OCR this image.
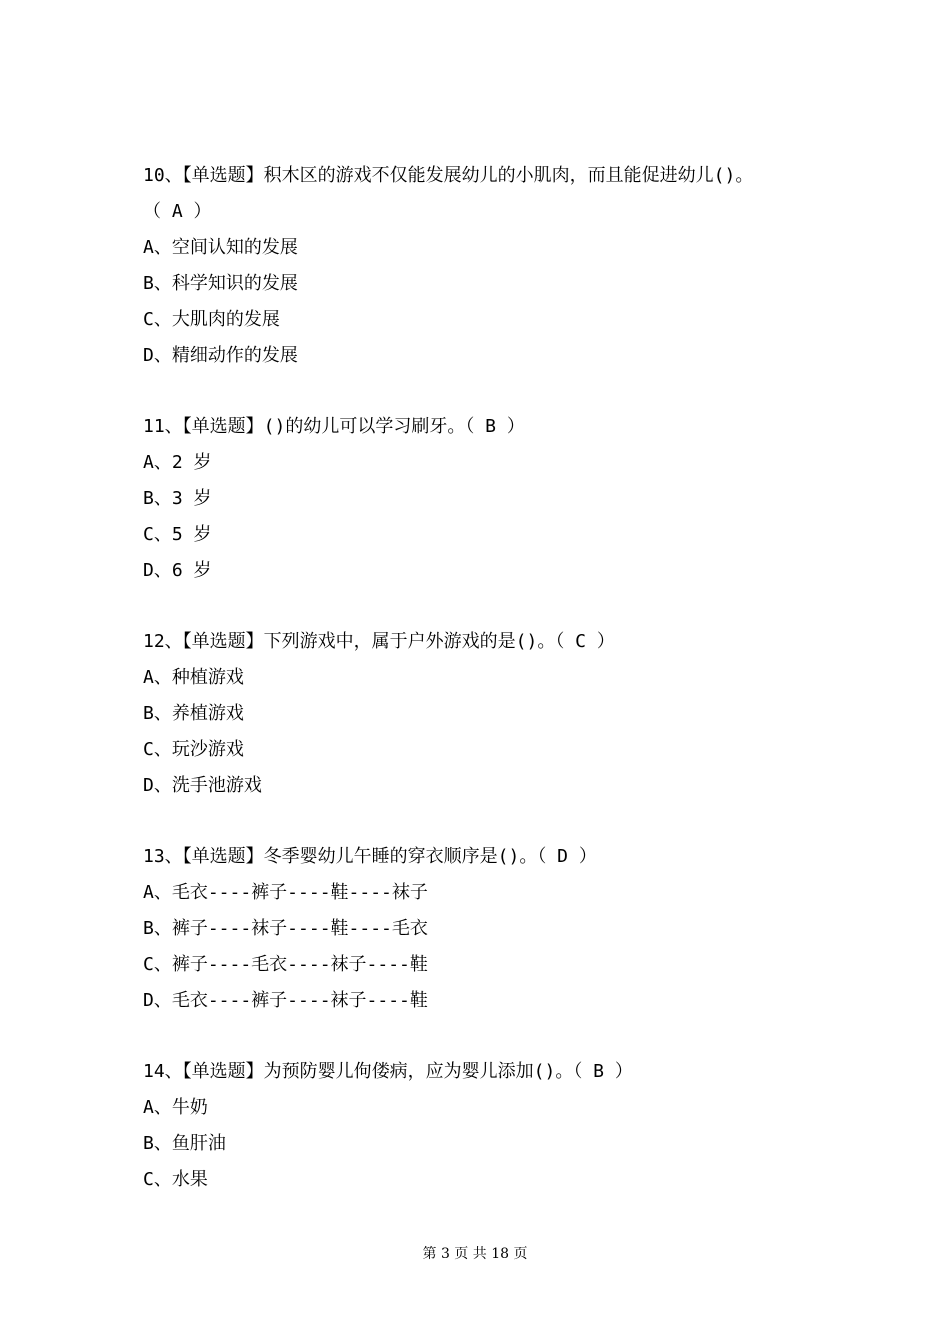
10、【单选题】积木区的游戏不仅能发展幼儿的小肌肉，而且能促进幼儿()。
（ A ）
A、空间认知的发展
B、科学知识的发展
C、大肌肉的发展
D、精细动作的发展
11、【单选题】()的幼儿可以学习刷牙。（ B ）
A、2 岁
B、3 岁
C、5 岁
D、6 岁
12、【单选题】下列游戏中，属于户外游戏的是()。（ C ）
A、种植游戏
B、养植游戏
C、玩沙游戏
D、洗手池游戏
13、【单选题】冬季婴幼儿午睡的穿衣顺序是()。（ D ）
A、毛衣----裤子----鞋----袜子
B、裤子----袜子----鞋----毛衣
C、裤子----毛衣----袜子----鞋
D、毛衣----裤子----袜子----鞋
14、【单选题】为预防婴儿佝偻病，应为婴儿添加()。（ B ）
A、牛奶
B、鱼肝油
C、水果
第 3 页 共 18 页
